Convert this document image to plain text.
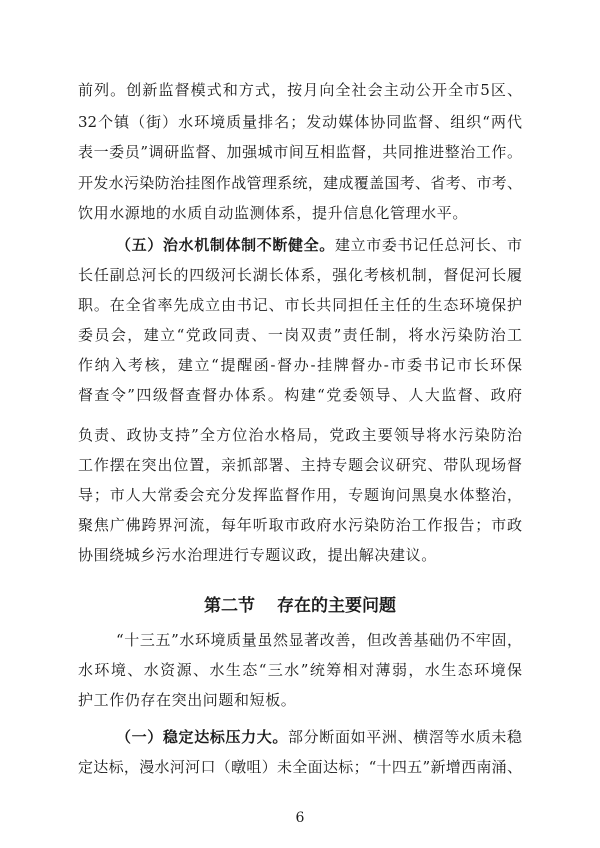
前列。创新监督模式和方式，按月向全社会主动公开全市5区、
32个镇（街）水环境质量排名；发动媒体协同监督、组织“两代
表一委员”调研监督、加强城市间互相监督，共同推进整治工作。
开发水污染防治挂图作战管理系统，建成覆盖国考、省考、市考、
饮用水源地的水质自动监测体系，提升信息化管理水平。
（五）治水机制体制不断健全。建立市委书记任总河长、市
长任副总河长的四级河长湖长体系，强化考核机制，督促河长履
职。在全省率先成立由书记、市长共同担任主任的生态环境保护
委员会，建立“党政同责、一岗双责”责任制，将水污染防治工
作纳入考核，建立“提醒函-督办-挂牌督办-市委书记市长环保
督查令”四级督查督办体系。构建“党委领导、人大监督、政府
负责、政协支持”全方位治水格局，党政主要领导将水污染防治
工作摆在突出位置，亲抓部署、主持专题会议研究、带队现场督
导；市人大常委会充分发挥监督作用，专题询问黑臭水体整治，
聚焦广佛跨界河流，每年听取市政府水污染防治工作报告；市政
协围绕城乡污水治理进行专题议政，提出解决建议。
第二节 存在的主要问题
“十三五”水环境质量虽然显著改善，但改善基础仍不牢固，
水环境、水资源、水生态“三水”统筹相对薄弱，水生态环境保
护工作仍存在突出问题和短板。
（一）稳定达标压力大。部分断面如平洲、横滘等水质未稳
定达标，漫水河河口（暾咀）未全面达标；“十四五”新增西南涌、
6
